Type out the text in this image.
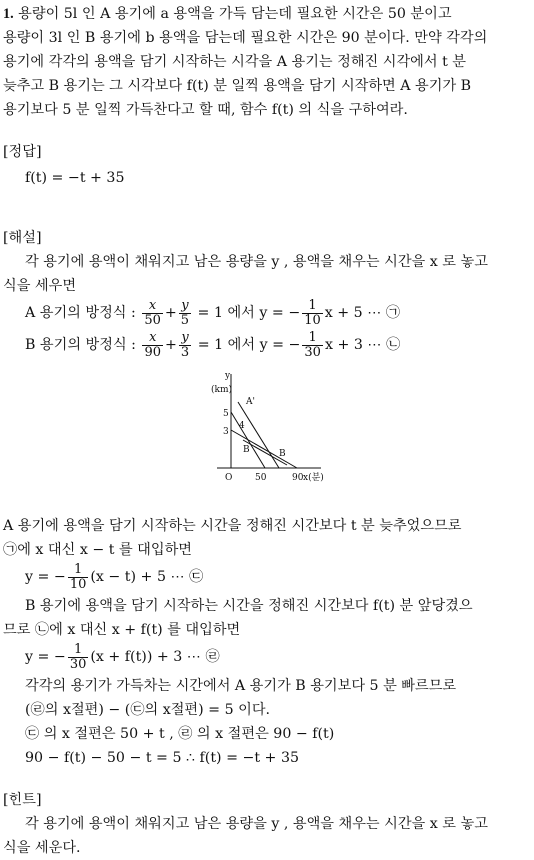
1. 용량이 5l 인 A 용기에 a 용액을 가득 담는데 필요한 시간은 50 분이고
용량이 3l 인 B 용기에 b 용액을 담는데 필요한 시간은 90 분이다. 만약 각각의
용기에 각각의 용액을 담기 시작하는 시각을 A 용기는 정해진 시각에서 t 분
늦추고 B 용기는 그 시각보다 f(t) 분 일찍 용액을 담기 시작하면 A 용기가 B
용기보다 5 분 일찍 가득찬다고 할 때, 함수 f(t) 의 식을 구하여라.
[정답]
f(t) = −t + 35
[해설]
각 용기에 용액이 채워지고 남은 용량을 y , 용액을 채우는 시간을 x 로 놓고
식을 세우면
A 용기의 방정식 : $\frac{x}{50} + \frac{y}{5} = 1$ 에서 y = − $\frac{1}{10}$ x + 5 ⋯ ㉠
B 용기의 방정식 : $\frac{x}{90} + \frac{y}{3} = 1$ 에서 y = − $\frac{1}{30}$ x + 3 ⋯ ㉡
y
(km)
5
4
3
A'
B	B
O	50	90 x(분)
A 용기에 용액을 담기 시작하는 시간을 정해진 시간보다 t 분 늦추었으므로
㉠에 x 대신 x − t 를 대입하면
y = − $\frac{1}{10} (x - t) + 5$ ⋯ ㉢
B 용기에 용액을 담기 시작하는 시간을 정해진 시간보다 f(t) 분 앞당겼으
므로 ㉡에 x 대신 x + f(t) 를 대입하면
y = − $\frac{1}{30} (x + f(t)) + 3$ ⋯ ㉣
각각의 용기가 가득차는 시간에서 A 용기가 B 용기보다 5 분 빠르므로
(㉣의 x절편) − (㉢의 x절편) = 5 이다.
㉢ 의 x 절편은 50 + t , ㉣ 의 x 절편은 90 − f(t)
90 − f(t) − 50 − t = 5 ∴ f(t) = −t + 35
[힌트]
각 용기에 용액이 채워지고 남은 용량을 y , 용액을 채우는 시간을 x 로 놓고
식을 세운다.
